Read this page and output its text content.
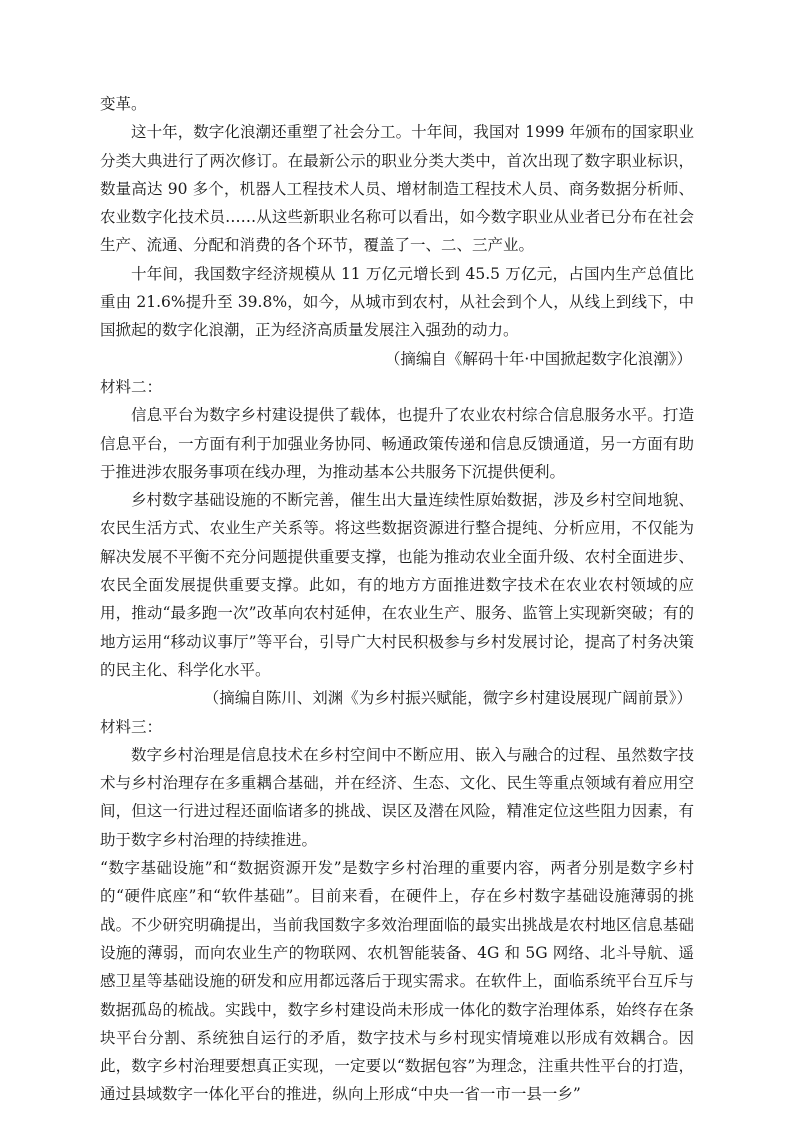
变革。

这十年，数字化浪潮还重塑了社会分工。十年间，我国对 1999 年颁布的国家职业分类大典进行了两次修订。在最新公示的职业分类大类中，首次出现了数字职业标识，数量高达 90 多个，机器人工程技术人员、增材制造工程技术人员、商务数据分析师、农业数字化技术员……从这些新职业名称可以看出，如今数字职业从业者已分布在社会生产、流通、分配和消费的各个环节，覆盖了一、二、三产业。

十年间，我国数字经济规模从 11 万亿元增长到 45.5 万亿元，占国内生产总值比重由 21.6%提升至 39.8%，如今，从城市到农村，从社会到个人，从线上到线下，中国掀起的数字化浪潮，正为经济高质量发展注入强劲的动力。

（摘编自《解码十年·中国掀起数字化浪潮》）

材料二：

信息平台为数字乡村建设提供了载体，也提升了农业农村综合信息服务水平。打造信息平台，一方面有利于加强业务协同、畅通政策传递和信息反馈通道，另一方面有助于推进涉农服务事项在线办理，为推动基本公共服务下沉提供便利。

乡村数字基础设施的不断完善，催生出大量连续性原始数据，涉及乡村空间地貌、农民生活方式、农业生产关系等。将这些数据资源进行整合提纯、分析应用，不仅能为解决发展不平衡不充分问题提供重要支撑，也能为推动农业全面升级、农村全面进步、农民全面发展提供重要支撑。此如，有的地方方面推进数字技术在农业农村领域的应用，推动“最多跑一次”改革向农村延伸，在农业生产、服务、监管上实现新突破；有的地方运用“移动议事厅”等平台，引导广大村民积极参与乡村发展讨论，提高了村务决策的民主化、科学化水平。

（摘编自陈川、刘渊《为乡村振兴赋能，微字乡村建设展现广阔前景》）

材料三：

数字乡村治理是信息技术在乡村空间中不断应用、嵌入与融合的过程、虽然数字技术与乡村治理存在多重耦合基础，并在经济、生态、文化、民生等重点领域有着应用空间，但这一行进过程还面临诸多的挑战、误区及潜在风险，精准定位这些阻力因素，有助于数字乡村治理的持续推进。

“数字基础设施”和“数据资源开发”是数字乡村治理的重要内容，两者分别是数字乡村的“硬件底座”和“软件基础”。目前来看，在硬件上，存在乡村数字基础设施薄弱的挑战。不少研究明确提出，当前我国数字多效治理面临的最实出挑战是农村地区信息基础设施的薄弱，而向农业生产的物联网、农机智能装备、4G 和 5G 网络、北斗导航、遥感卫星等基础设施的研发和应用都远落后于现实需求。在软件上，面临系统平台互斥与数据孤岛的梳战。实践中，数字乡村建设尚未形成一体化的数字治理体系，始终存在条块平台分割、系统独自运行的矛盾，数字技术与乡村现实情境难以形成有效耦合。因此，数字乡村治理要想真正实现，一定要以“数据包容”为理念，注重共性平台的打造，通过县域数字一体化平台的推进，纵向上形成“中央一省一市一县一乡”
